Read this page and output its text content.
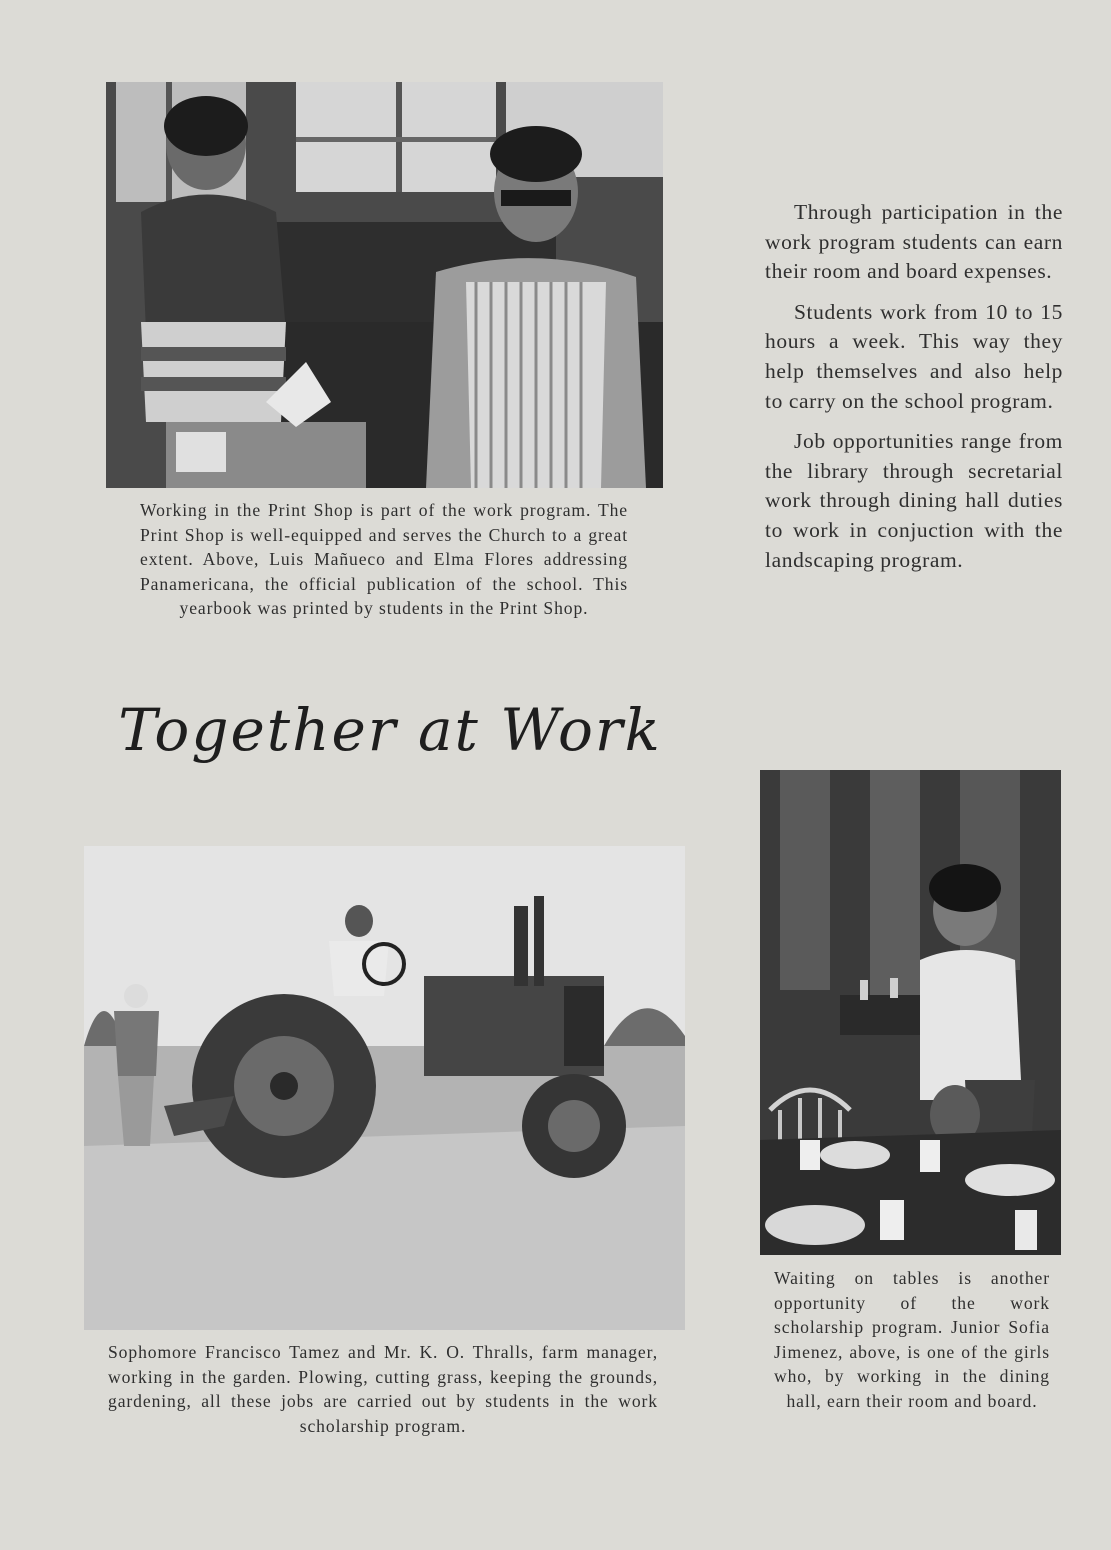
Working in the Print Shop is part of the work program. The Print Shop is well-equipped and serves the Church to a great extent. Above, Luis Mañueco and Elma Flores addressing Panamericana, the official publication of the school. This yearbook was printed by students in the Print Shop.

Through participation in the work program students can earn their room and board expenses.

Students work from 10 to 15 hours a week. This way they help themselves and also help to carry on the school program.

Job opportunities range from the library through secretarial work through dining hall duties to work in conjuction with the landscaping program.

Together at Work

Sophomore Francisco Tamez and Mr. K. O. Thralls, farm manager, working in the garden. Plowing, cutting grass, keeping the grounds, gardening, all these jobs are carried out by students in the work scholarship program.

Waiting on tables is another opportunity of the work scholarship program. Junior Sofia Jimenez, above, is one of the girls who, by working in the dining hall, earn their room and board.
